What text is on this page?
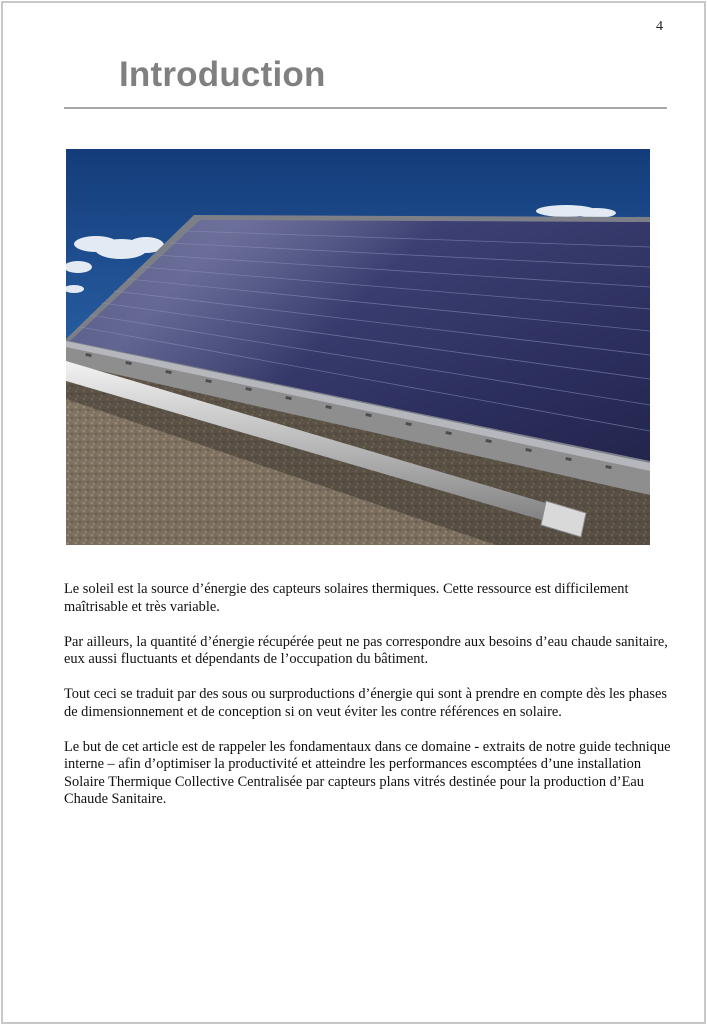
4
Introduction

Le soleil est la source d’énergie des capteurs solaires thermiques. Cette ressource est difficilement maîtrisable et très variable.

Par ailleurs, la quantité d’énergie récupérée peut ne pas correspondre aux besoins d’eau chaude sanitaire, eux aussi fluctuants et dépendants de l’occupation du bâtiment.

Tout ceci se traduit par des sous ou surproductions d’énergie qui sont à prendre en compte dès les phases de dimensionnement et de conception si on veut éviter les contre références en solaire.

Le but de cet article est de rappeler les fondamentaux dans ce domaine - extraits de notre guide technique interne – afin d’optimiser la productivité et atteindre les performances escomptées d’une installation Solaire Thermique Collective Centralisée par capteurs plans vitrés destinée pour la production d’Eau Chaude Sanitaire.
